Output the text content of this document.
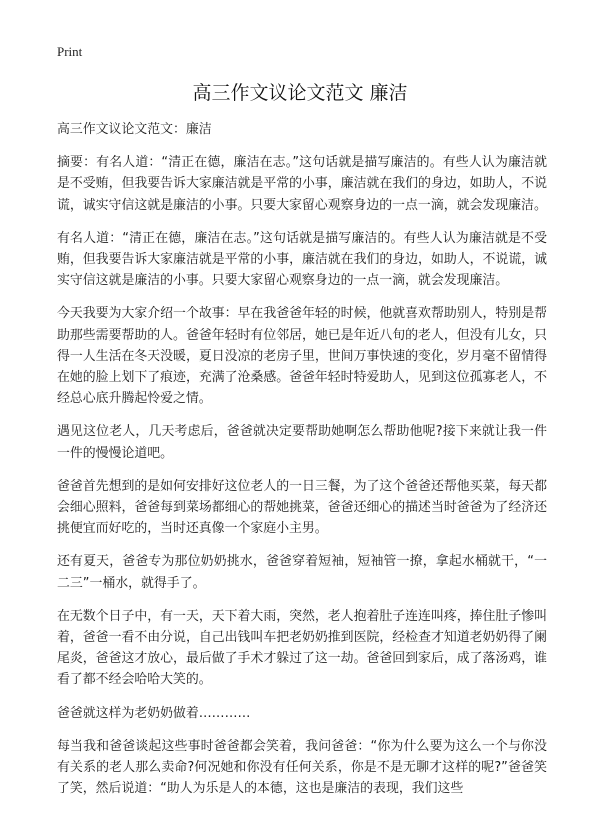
Print
高三作文议论文范文 廉洁

高三作文议论文范文：廉洁

摘要：有名人道：“清正在德，廉洁在志。”这句话就是描写廉洁的。有些人认为廉洁就是不受贿，但我要告诉大家廉洁就是平常的小事，廉洁就在我们的身边，如助人，不说谎，诚实守信这就是廉洁的小事。只要大家留心观察身边的一点一滴，就会发现廉洁。

有名人道：“清正在德，廉洁在志。”这句话就是描写廉洁的。有些人认为廉洁就是不受贿，但我要告诉大家廉洁就是平常的小事，廉洁就在我们的身边，如助人，不说谎，诚实守信这就是廉洁的小事。只要大家留心观察身边的一点一滴，就会发现廉洁。

今天我要为大家介绍一个故事：早在我爸爸年轻的时候，他就喜欢帮助别人，特别是帮助那些需要帮助的人。爸爸年轻时有位邻居，她已是年近八旬的老人，但没有儿女，只得一人生活在冬天没暖，夏日没凉的老房子里，世间万事快速的变化，岁月毫不留情得在她的脸上划下了痕迹，充满了沧桑感。爸爸年轻时特爱助人，见到这位孤寡老人，不经总心底升腾起怜爱之情。

遇见这位老人，几天考虑后，爸爸就决定要帮助她啊怎么帮助他呢?接下来就让我一件一件的慢慢论道吧。

爸爸首先想到的是如何安排好这位老人的一日三餐，为了这个爸爸还帮他买菜，每天都会细心照料，爸爸每到菜场都细心的帮她挑菜，爸爸还细心的描述当时爸爸为了经济还挑便宜而好吃的，当时还真像一个家庭小主男。

还有夏天，爸爸专为那位奶奶挑水，爸爸穿着短袖，短袖管一撩，拿起水桶就干，“一二三”一桶水，就得手了。

在无数个日子中，有一天，天下着大雨，突然，老人抱着肚子连连叫疼，捧住肚子惨叫着，爸爸一看不由分说，自己出钱叫车把老奶奶推到医院，经检查才知道老奶奶得了阑尾炎，爸爸这才放心，最后做了手术才躲过了这一劫。爸爸回到家后，成了落汤鸡，谁看了都不经会哈哈大笑的。

爸爸就这样为老奶奶做着…………

每当我和爸爸谈起这些事时爸爸都会笑着，我问爸爸：“你为什么要为这么一个与你没有关系的老人那么卖命?何况她和你没有任何关系，你是不是无聊才这样的呢?”爸爸笑了笑，然后说道：“助人为乐是人的本德，这也是廉洁的表现，我们这些
